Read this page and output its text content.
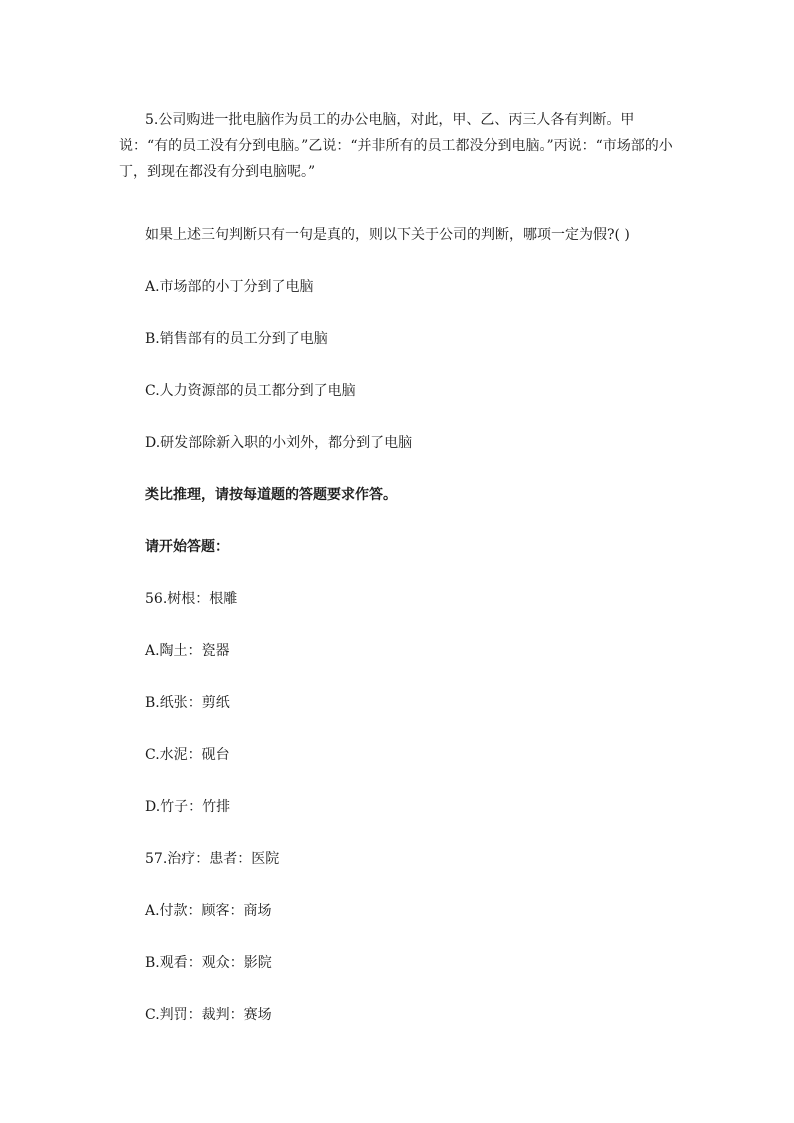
5.公司购进一批电脑作为员工的办公电脑，对此，甲、乙、丙三人各有判断。甲说：“有的员工没有分到电脑。”乙说：“并非所有的员工都没分到电脑。”丙说：“市场部的小丁，到现在都没有分到电脑呢。”
如果上述三句判断只有一句是真的，则以下关于公司的判断，哪项一定为假?( )
A.市场部的小丁分到了电脑
B.销售部有的员工分到了电脑
C.人力资源部的员工都分到了电脑
D.研发部除新入职的小刘外，都分到了电脑
类比推理，请按每道题的答题要求作答。
请开始答题：
56.树根：根雕
A.陶土：瓷器
B.纸张：剪纸
C.水泥：砚台
D.竹子：竹排
57.治疗：患者：医院
A.付款：顾客：商场
B.观看：观众：影院
C.判罚：裁判：赛场
